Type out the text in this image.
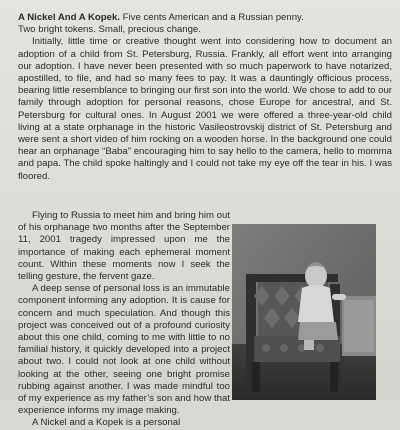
A Nickel And A Kopek. Five cents American and a Russian penny.

Two bright tokens. Small, precious change.

Initially, little time or creative thought went into considering how to document an adoption of a child from St. Petersburg, Russia. Frankly, all effort went into arranging our adoption. I have never been presented with so much paperwork to have notarized, apostilled, to file, and had so many fees to pay. It was a dauntingly officious process, bearing little resemblance to bringing our first son into the world. We chose to add to our family through adoption for personal reasons, chose Europe for ancestral, and St. Petersburg for cultural ones. In August 2001 we were offered a three-year-old child living at a state orphanage in the historic Vasileostrovskij district of St. Petersburg and were sent a short video of him rocking on a wooden horse. In the background one could hear an orphanage “Baba” encouraging him to say hello to the camera, hello to momma and papa. The child spoke haltingly and I could not take my eye off the tear in his. I was floored.

Flying to Russia to meet him and bring him out of his orphanage two months after the September 11, 2001 tragedy impressed upon me the importance of making each ephemeral moment count. Within these moments now I seek the telling gesture, the fervent gaze.

A deep sense of personal loss is an immutable component informing any adoption. It is cause for concern and much speculation. And though this project was conceived out of a profound curiosity about this one child, coming to me with little to no familial history, it quickly developed into a project about two. I could not look at one child without looking at the other, seeing one bright promise rubbing against another. I was made mindful too of my experience as my father’s son and how that experience informs my image making.

A Nickel and a Kopek is a personal
